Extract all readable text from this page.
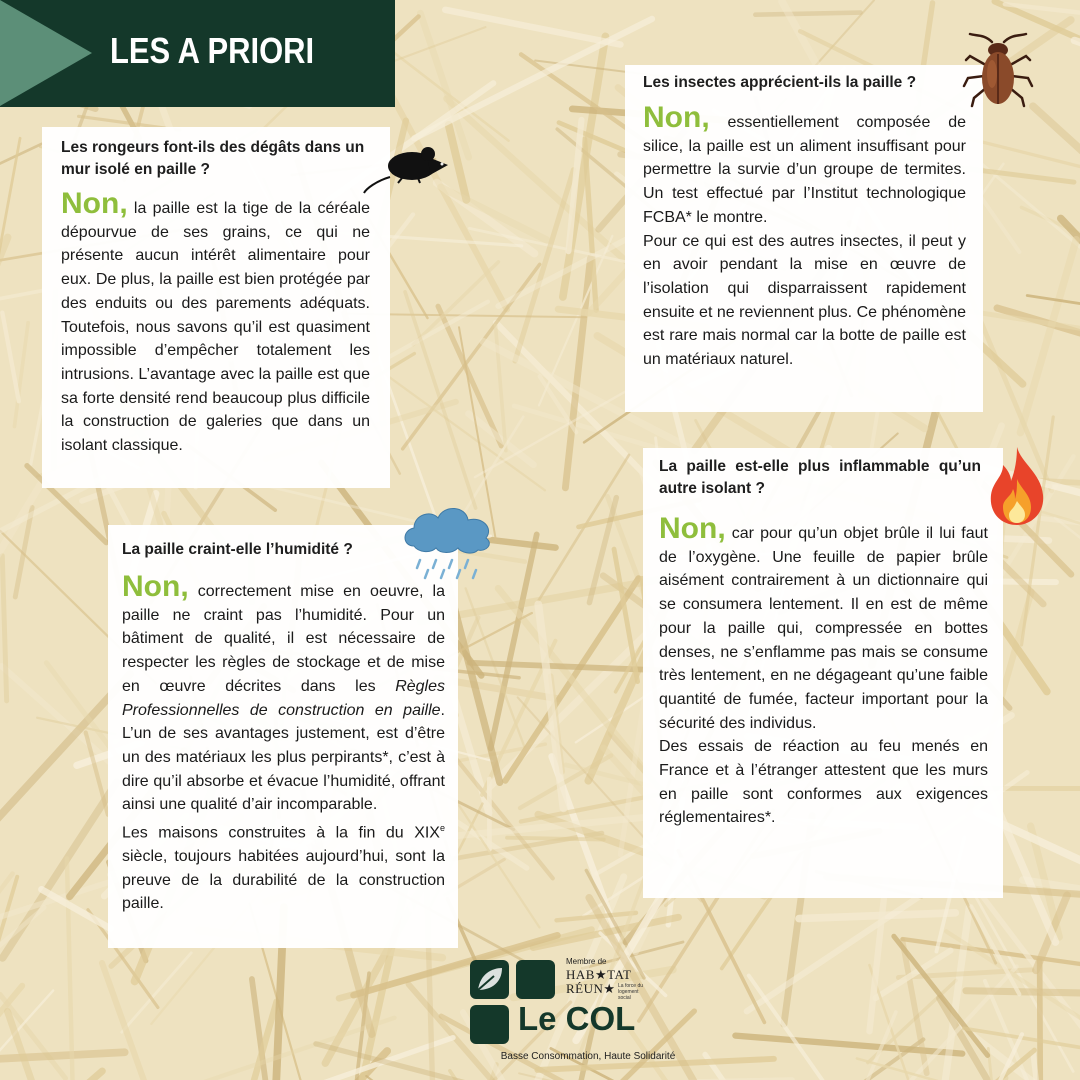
LES A PRIORI

Les rongeurs font-ils des dégâts dans un mur isolé en paille ?

Non, la paille est la tige de la céréale dépourvue de ses grains, ce qui ne présente aucun intérêt alimentaire pour eux. De plus, la paille est bien protégée par des enduits ou des parements adéquats. Toutefois, nous savons qu’il est quasiment impossible d’empêcher totalement les intrusions. L’avantage avec la paille est que sa forte densité rend beaucoup plus difficile la construction de galeries que dans un isolant classique.

Les insectes apprécient-ils la paille ?

Non, essentiellement composée de silice, la paille est un aliment insuffisant pour permettre la survie d’un groupe de termites. Un test effectué par l’Institut technologique FCBA* le montre.

Pour ce qui est des autres insectes, il peut y en avoir pendant la mise en œuvre de l’isolation qui disparraissent rapidement ensuite et ne reviennent plus. Ce phénomène est rare mais normal car la botte de paille est un matériaux naturel.

La paille craint-elle l’humidité ?

Non, correctement mise en oeuvre, la paille ne craint pas l’humidité. Pour un bâtiment de qualité, il est nécessaire de respecter les règles de stockage et de mise en œuvre décrites dans les Règles Professionnelles de construction en paille. L’un de ses avantages justement, est d’être un des matériaux les plus perpirants*, c’est à dire qu’il absorbe et évacue l’humidité, offrant ainsi une qualité d’air incomparable.

Les maisons construites à la fin du XIXe siècle, toujours habitées aujourd’hui, sont la preuve de la durabilité de la construction paille.

La paille est-elle plus inflammable qu’un autre isolant ?

Non, car pour qu’un objet brûle il lui faut de l’oxygène. Une feuille de papier brûle aisément contrairement à un dictionnaire qui se consumera lentement. Il en est de même pour la paille qui, compressée en bottes denses, ne s’enflamme pas mais se consume très lentement, en ne dégageant qu’une faible quantité de fumée, facteur important pour la sécurité des individus.

Des essais de réaction au feu menés en France et à l’étranger attestent que les murs en paille sont conformes aux exigences réglementaires*.

Membre de
HAB★TAT
RÉUN★ La force du logement social
Le COL
Basse Consommation, Haute Solidarité
